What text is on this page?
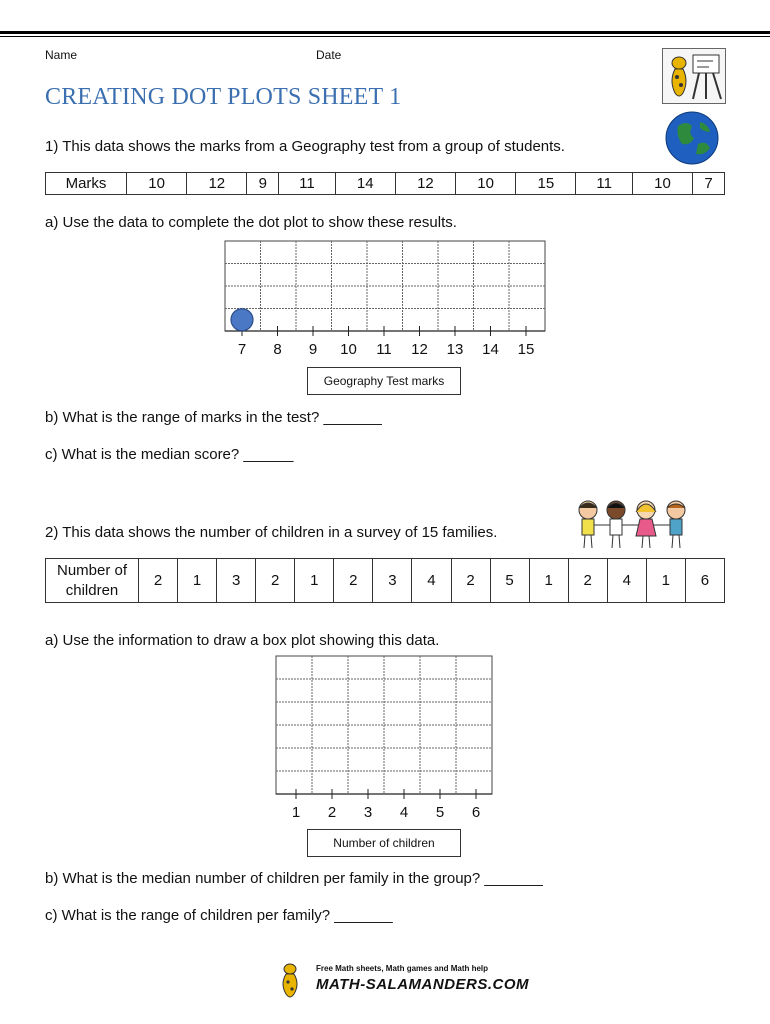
Name	Date
CREATING DOT PLOTS SHEET 1
1) This data shows the marks from a Geography test from a group of students.
Marks	10	12	9	11	14	12	10	15	11	10	7
a) Use the data to complete the dot plot to show these results.
7 8 9 10 11 12 13 14 15
Geography Test marks
b) What is the range of marks in the test? _______
c) What is the median score? ______
2) This data shows the number of children in a survey of 15 families.
Number of
children	2	1	3	2	1	2	3	4	2	5	1	2	4	1	6
a) Use the information to draw a box plot showing this data.
1 2 3 4 5 6
Number of children
b) What is the median number of children per family in the group? _______
c) What is the range of children per family? _______
Free Math sheets, Math games and Math help
MATH-SALAMANDERS.COM
